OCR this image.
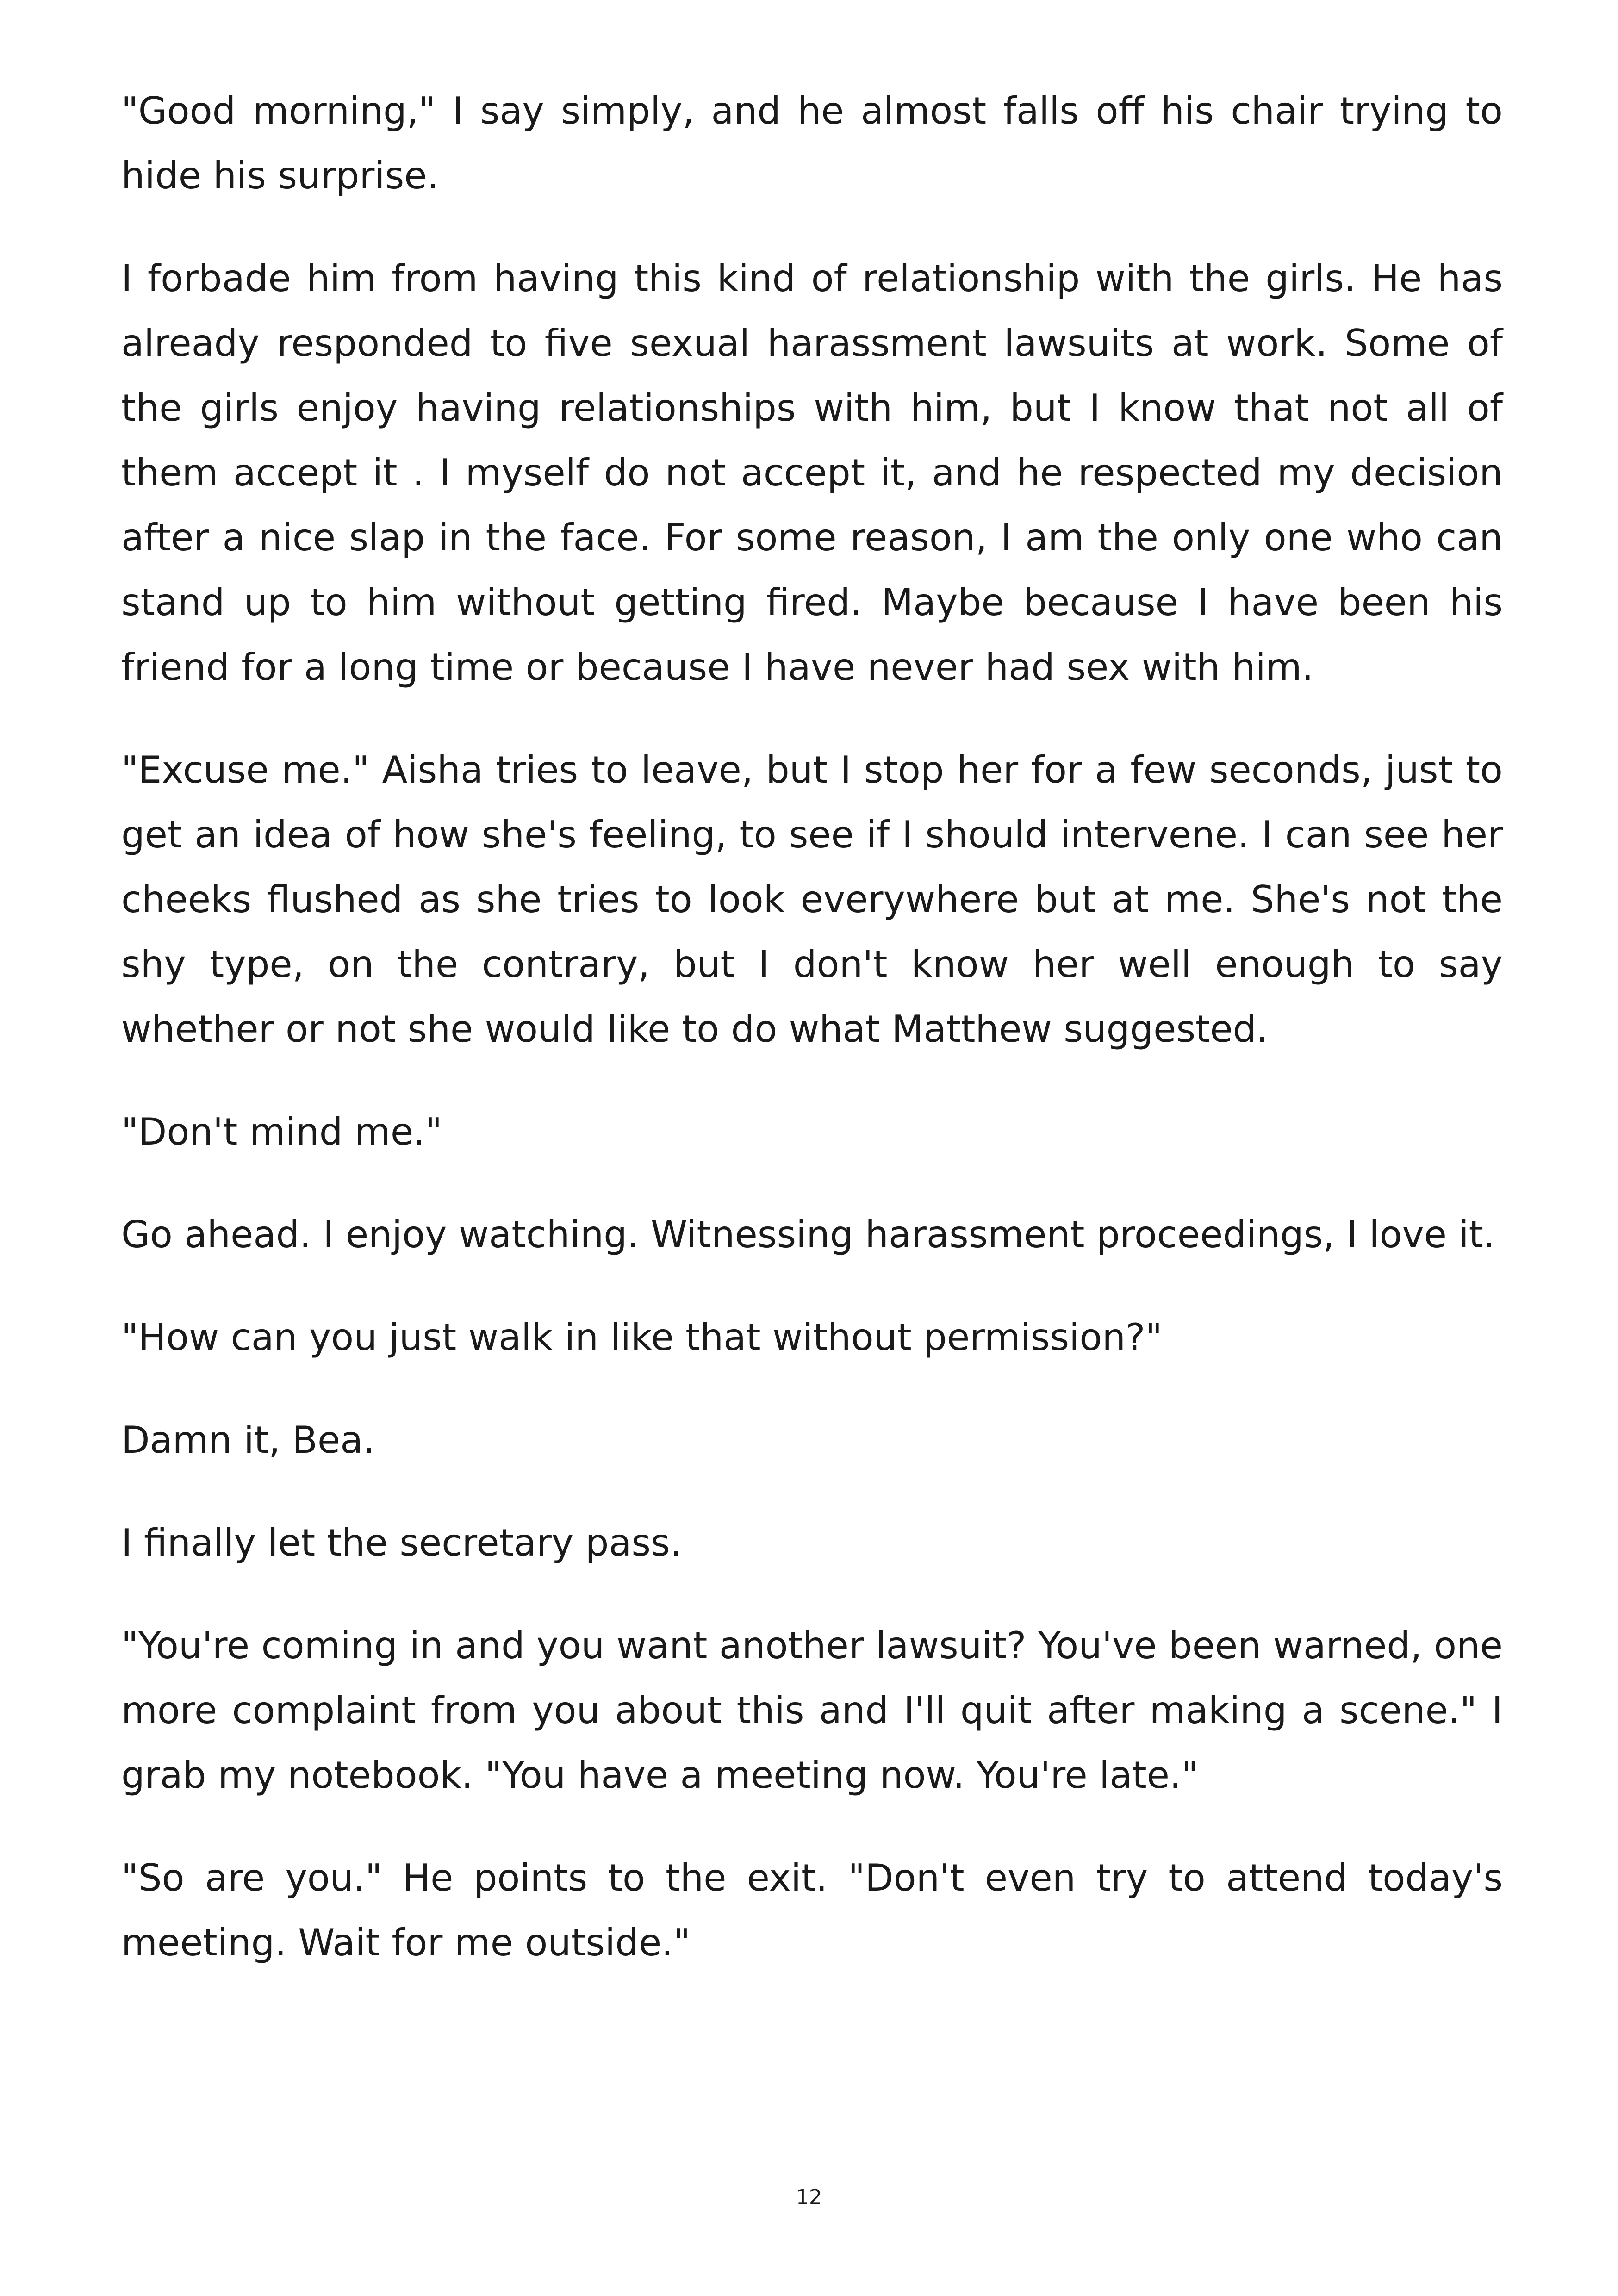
"Good morning," I say simply, and he almost falls off his chair trying to hide his surprise.

I forbade him from having this kind of relationship with the girls. He has already responded to five sexual harassment lawsuits at work. Some of the girls enjoy having relationships with him, but I know that not all of them accept it . I myself do not accept it, and he respected my decision after a nice slap in the face. For some reason, I am the only one who can stand up to him without getting fired. Maybe because I have been his friend for a long time or because I have never had sex with him.

"Excuse me." Aisha tries to leave, but I stop her for a few seconds, just to get an idea of how she's feeling, to see if I should intervene. I can see her cheeks flushed as she tries to look everywhere but at me. She's not the shy type, on the contrary, but I don't know her well enough to say whether or not she would like to do what Matthew suggested.

"Don't mind me."

Go ahead. I enjoy watching. Witnessing harassment proceedings, I love it.

"How can you just walk in like that without permission?"

Damn it, Bea.

I finally let the secretary pass.

"You're coming in and you want another lawsuit? You've been warned, one more complaint from you about this and I'll quit after making a scene." I grab my notebook. "You have a meeting now. You're late."

"So are you." He points to the exit. "Don't even try to attend today's meeting. Wait for me outside."

12
